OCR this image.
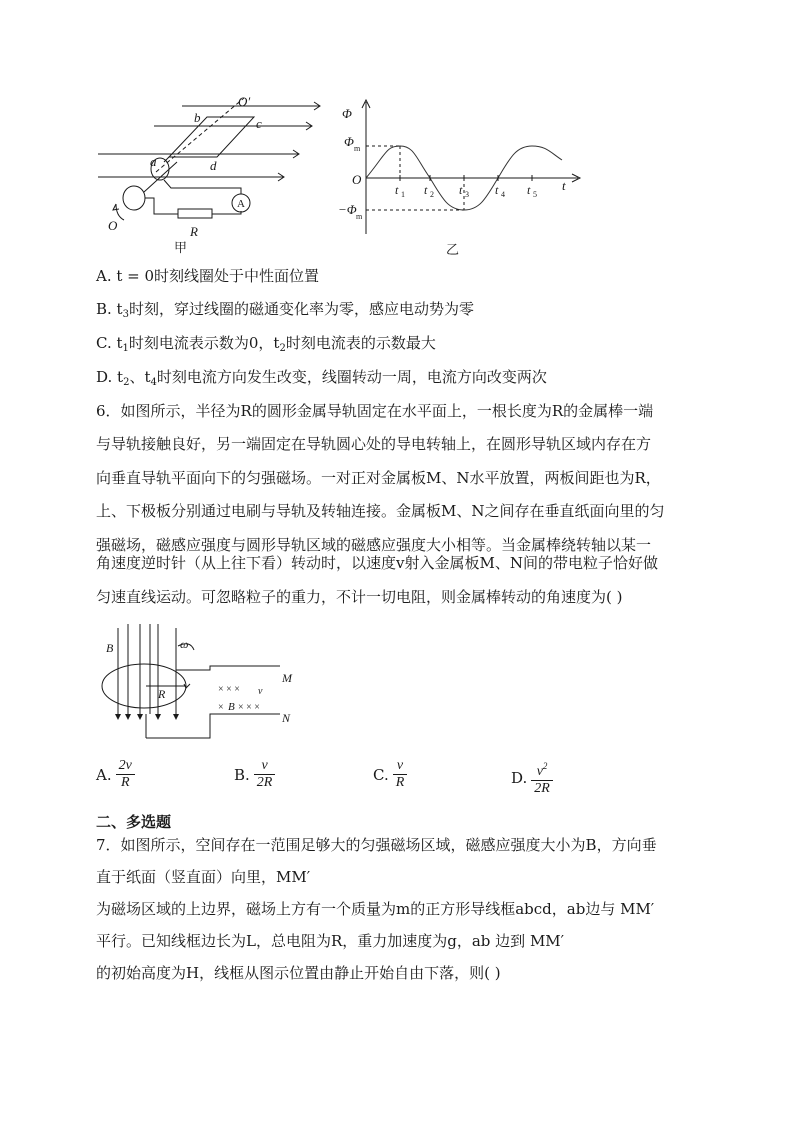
O′
b	c
a	d
A
O	R
甲
Φ
Φ m
−Φ m
O	t
t 1 t 2 t 3 t 4 t 5
乙
A. t = 0时刻线圈处于中性面位置
B. $t_3$时刻，穿过线圈的磁通变化率为零，感应电动势为零
C. $t_1$时刻电流表示数为0，$t_2$时刻电流表的示数最大
D. $t_2$、$t_4$时刻电流方向发生改变，线圈转动一周，电流方向改变两次
6．如图所示，半径为R的圆形金属导轨固定在水平面上，一根长度为R的金属棒一端
与导轨接触良好，另一端固定在导轨圆心处的导电转轴上，在圆形导轨区域内存在方
向垂直导轨平面向下的匀强磁场。一对正对金属板M、N水平放置，两板间距也为R，
上、下极板分别通过电刷与导轨及转轴连接。金属板M、N之间存在垂直纸面向里的匀
强磁场，磁感应强度与圆形导轨区域的磁感应强度大小相等。当金属棒绕转轴以某一
角速度逆时针（从上往下看）转动时，以速度v射入金属板M、N间的带电粒子恰好做
匀速直线运动。可忽略粒子的重力，不计一切电阻，则金属棒转动的角速度为( )
B	ω
R
M
N
× × × v
× B × × ×
A. $\frac{2v}{R}$	B. $\frac{v}{2R}$	C. $\frac{v}{R}$	D. $\frac{v^2}{2R}$
二、多选题
7．如图所示，空间存在一范围足够大的匀强磁场区域，磁感应强度大小为B，方向垂
直于纸面（竖直面）向里，MM′
为磁场区域的上边界，磁场上方有一个质量为m的正方形导线框abcd，ab边与 MM′
平行。已知线框边长为L，总电阻为R，重力加速度为g，ab 边到 MM′
的初始高度为H，线框从图示位置由静止开始自由下落，则( )
